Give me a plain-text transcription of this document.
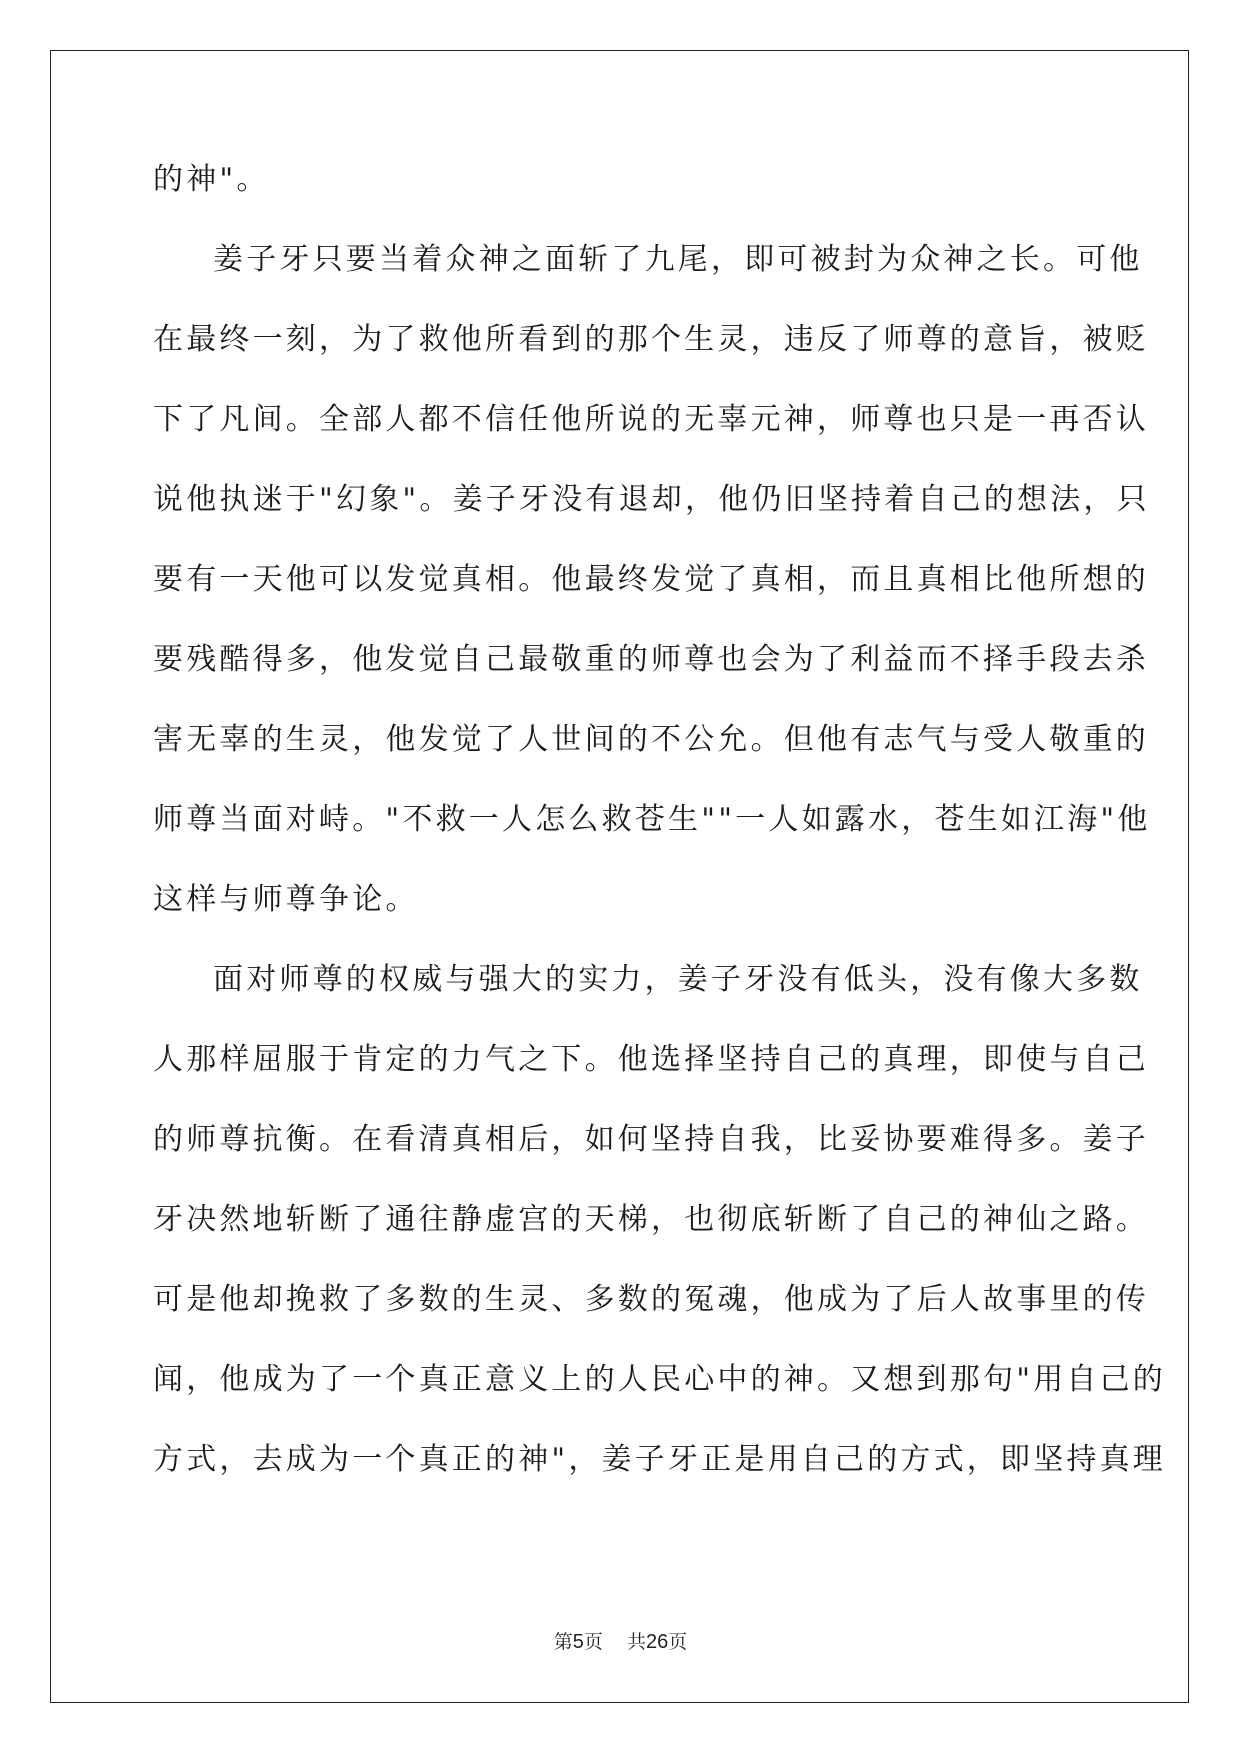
的神"。
姜子牙只要当着众神之面斩了九尾，即可被封为众神之长。可他
在最终一刻，为了救他所看到的那个生灵，违反了师尊的意旨，被贬
下了凡间。全部人都不信任他所说的无辜元神，师尊也只是一再否认
说他执迷于"幻象"。姜子牙没有退却，他仍旧坚持着自己的想法，只
要有一天他可以发觉真相。他最终发觉了真相，而且真相比他所想的
要残酷得多，他发觉自己最敬重的师尊也会为了利益而不择手段去杀
害无辜的生灵，他发觉了人世间的不公允。但他有志气与受人敬重的
师尊当面对峙。"不救一人怎么救苍生""一人如露水，苍生如江海"他
这样与师尊争论。
面对师尊的权威与强大的实力，姜子牙没有低头，没有像大多数
人那样屈服于肯定的力气之下。他选择坚持自己的真理，即使与自己
的师尊抗衡。在看清真相后，如何坚持自我，比妥协要难得多。姜子
牙决然地斩断了通往静虚宫的天梯，也彻底斩断了自己的神仙之路。
可是他却挽救了多数的生灵、多数的冤魂，他成为了后人故事里的传
闻，他成为了一个真正意义上的人民心中的神。又想到那句"用自己的
方式，去成为一个真正的神"，姜子牙正是用自己的方式，即坚持真理
第5页 共26页
